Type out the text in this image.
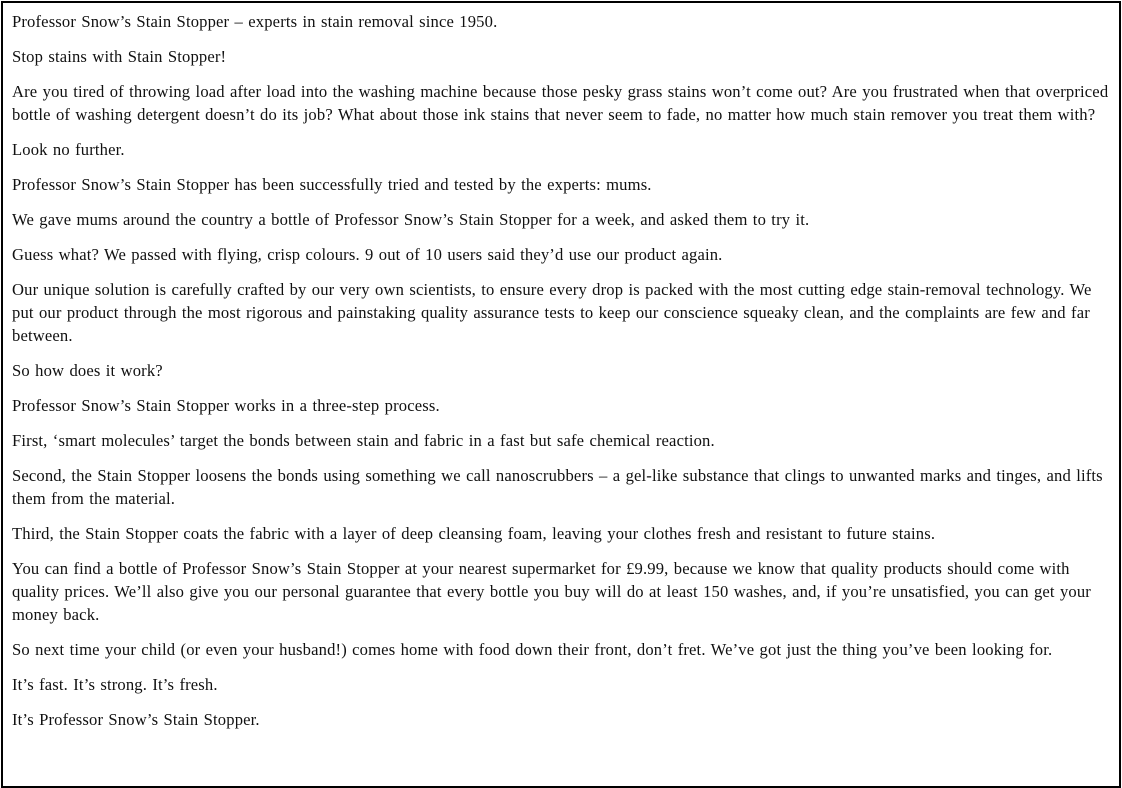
Professor Snow’s Stain Stopper – experts in stain removal since 1950.

Stop stains with Stain Stopper!

Are you tired of throwing load after load into the washing machine because those pesky grass stains won’t come out? Are you frustrated when that overpriced bottle of washing detergent doesn’t do its job? What about those ink stains that never seem to fade, no matter how much stain remover you treat them with?

Look no further.

Professor Snow’s Stain Stopper has been successfully tried and tested by the experts: mums.

We gave mums around the country a bottle of Professor Snow’s Stain Stopper for a week, and asked them to try it.

Guess what? We passed with flying, crisp colours. 9 out of 10 users said they’d use our product again.

Our unique solution is carefully crafted by our very own scientists, to ensure every drop is packed with the most cutting edge stain-removal technology. We put our product through the most rigorous and painstaking quality assurance tests to keep our conscience squeaky clean, and the complaints are few and far between.

So how does it work?

Professor Snow’s Stain Stopper works in a three-step process.

First, ‘smart molecules’ target the bonds between stain and fabric in a fast but safe chemical reaction.

Second, the Stain Stopper loosens the bonds using something we call nanoscrubbers – a gel-like substance that clings to unwanted marks and tinges, and lifts them from the material.

Third, the Stain Stopper coats the fabric with a layer of deep cleansing foam, leaving your clothes fresh and resistant to future stains.

You can find a bottle of Professor Snow’s Stain Stopper at your nearest supermarket for £9.99, because we know that quality products should come with quality prices. We’ll also give you our personal guarantee that every bottle you buy will do at least 150 washes, and, if you’re unsatisfied, you can get your money back.

So next time your child (or even your husband!) comes home with food down their front, don’t fret. We’ve got just the thing you’ve been looking for.

It’s fast. It’s strong. It’s fresh.

It’s Professor Snow’s Stain Stopper.
